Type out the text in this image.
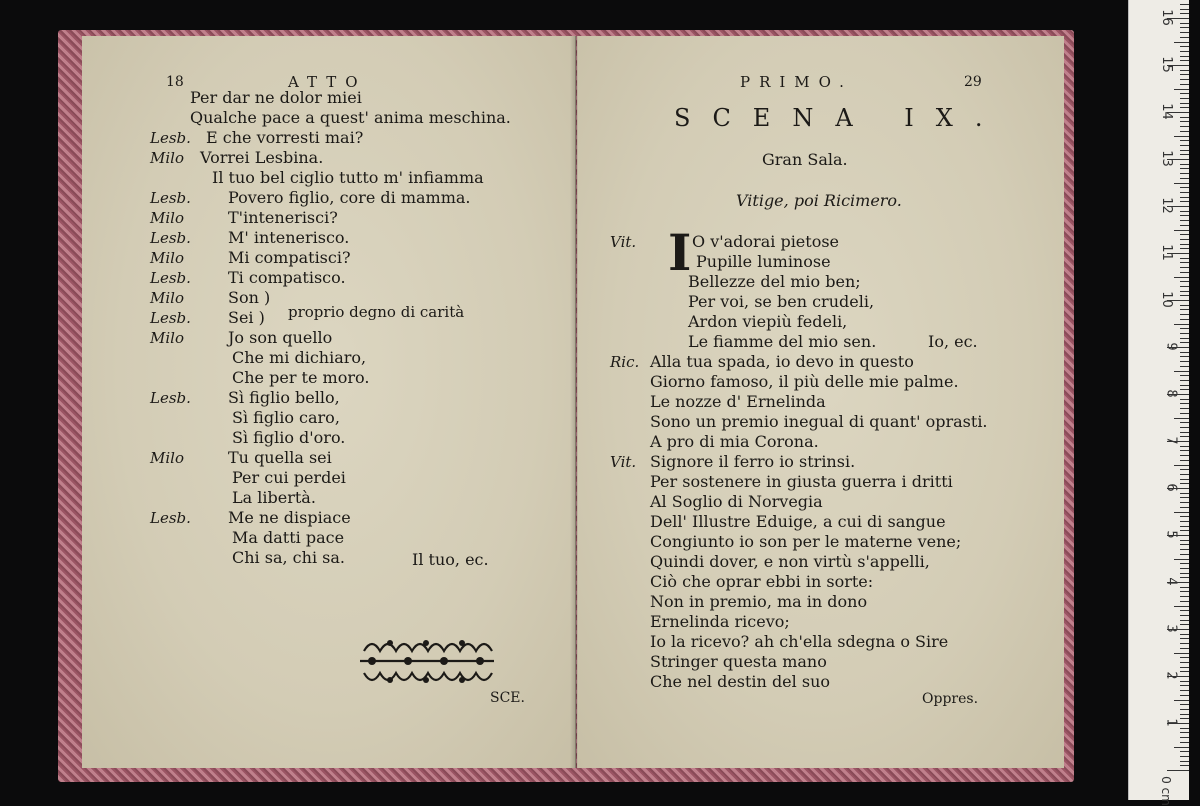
18	ATTO
proprio degno di carità
Il tuo, ec.
SCE.
Per dar ne dolor miei
Qualche pace a quest' anima meschina.
Lesb. E che vorresti mai?
Milo Vorrei Lesbina.
Il tuo bel ciglio tutto m' infiamma
Lesb. Povero figlio, core di mamma.
Milo	T'intenerisci?
Lesb. M' intenerisco.
Milo	Mi compatisci?
Lesb. Ti compatisco.
Milo	Son )
Lesb. Sei )
Milo	Jo son quello
Che mi dichiaro,
Che per te moro.
Lesb. Sì figlio bello,
Sì figlio caro,
Sì figlio d'oro.
Milo	Tu quella sei
Per cui perdei
La libertà.
Lesb. Me ne dispiace
Ma datti pace
Chi sa, chi sa.
PRIMO.	29
SCENA IX.
Gran Sala.
Vitige, poi Ricimero.
I
Io, ec.
Oppres.
Vit.	O v'adorai pietose
Pupille luminose
Bellezze del mio ben;
Per voi, se ben crudeli,
Ardon viepiù fedeli,
Le fiamme del mio sen.
Ric. Alla tua spada, io devo in questo
Giorno famoso, il più delle mie palme.
Le nozze d' Ernelinda
Sono un premio inegual di quant' oprasti.
A pro di mia Corona.
Vit. Signore il ferro io strinsi.
Per sostenere in giusta guerra i dritti
Al Soglio di Norvegia
Dell' Illustre Eduige, a cui di sangue
Congiunto io son per le materne vene;
Quindi dover, e non virtù s'appelli,
Ciò che oprar ebbi in sorte:
Non in premio, ma in dono
Ernelinda ricevo;
Io la ricevo? ah ch'ella sdegna o Sire
Stringer questa mano
Che nel destin del suo
0 cm
1
2
3
4
5
6
7
8
9
10
11
12
13
14
15
16
